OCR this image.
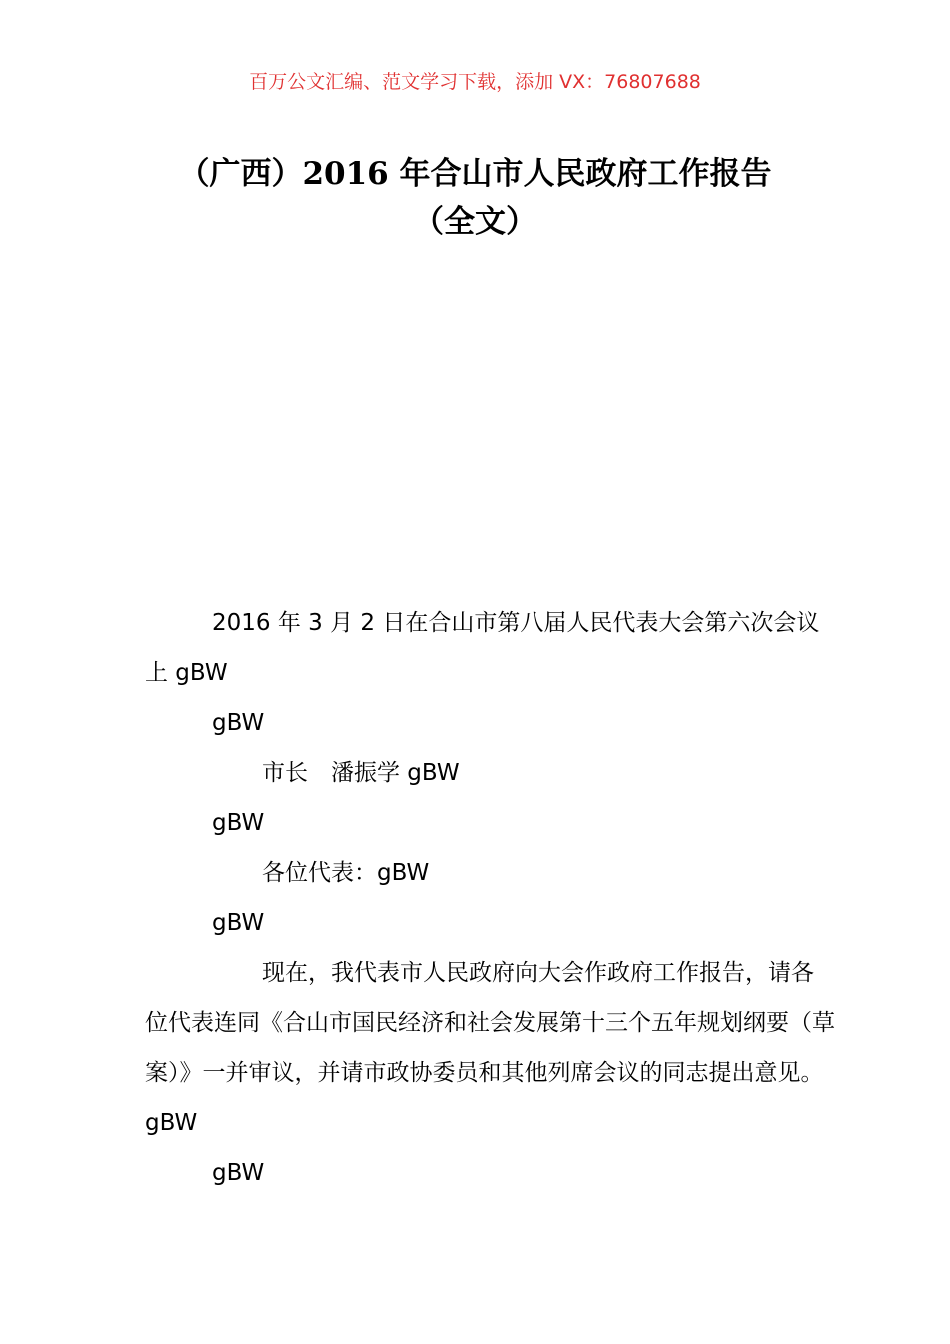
百万公文汇编、范文学习下载，添加 VX：76807688
（广西）2016 年合山市人民政府工作报告
（全文）

2016 年 3 月 2 日在合山市第八届人民代表大会第六次会议上 gBW

gBW

市长　潘振学 gBW

gBW

各位代表：gBW

gBW

现在，我代表市人民政府向大会作政府工作报告，请各位代表连同《合山市国民经济和社会发展第十三个五年规划纲要（草案）》一并审议，并请市政协委员和其他列席会议的同志提出意见。gBW

gBW
